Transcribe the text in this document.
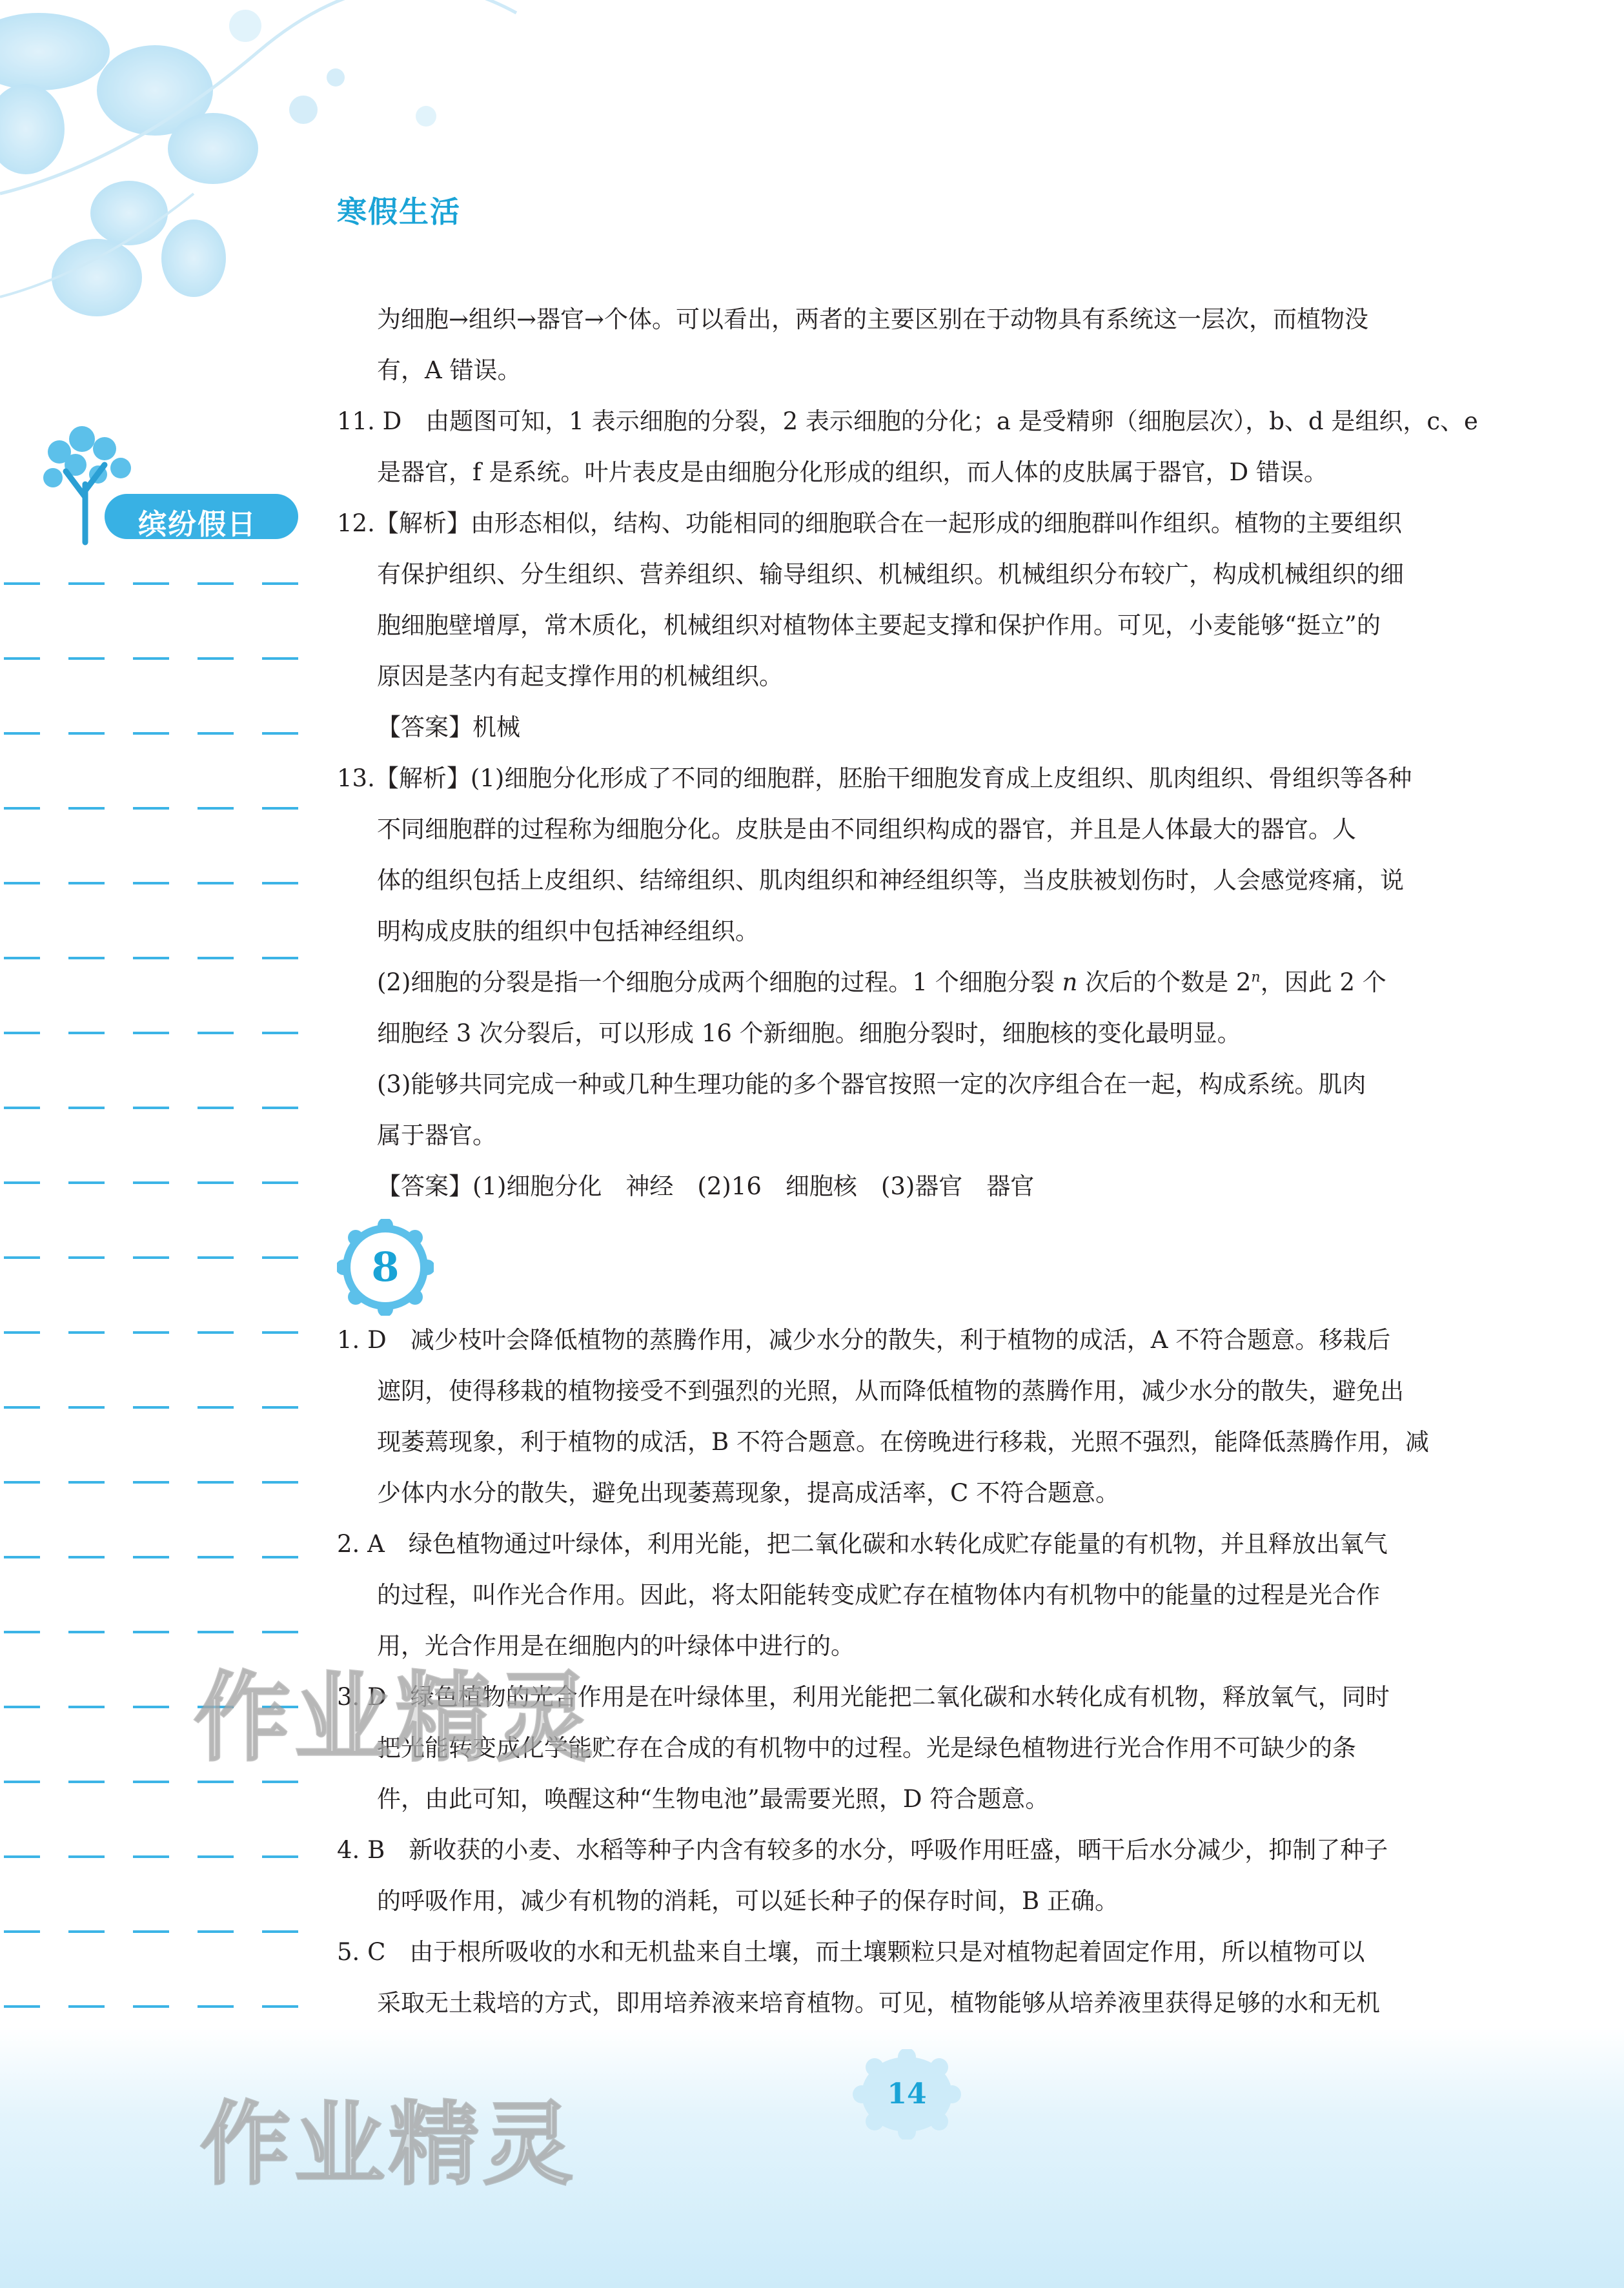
寒假生活
缤纷假日
为细胞→组织→器官→个体。可以看出，两者的主要区别在于动物具有系统这一层次，而植物没
有，A 错误。
11. D　由题图可知，1 表示细胞的分裂，2 表示细胞的分化；a 是受精卵（细胞层次），b、d 是组织，c、e
是器官，f 是系统。叶片表皮是由细胞分化形成的组织，而人体的皮肤属于器官，D 错误。
12.【解析】由形态相似，结构、功能相同的细胞联合在一起形成的细胞群叫作组织。植物的主要组织
有保护组织、分生组织、营养组织、输导组织、机械组织。机械组织分布较广，构成机械组织的细
胞细胞壁增厚，常木质化，机械组织对植物体主要起支撑和保护作用。可见，小麦能够“挺立”的
原因是茎内有起支撑作用的机械组织。
【答案】机械
13.【解析】(1)细胞分化形成了不同的细胞群，胚胎干细胞发育成上皮组织、肌肉组织、骨组织等各种
不同细胞群的过程称为细胞分化。皮肤是由不同组织构成的器官，并且是人体最大的器官。人
体的组织包括上皮组织、结缔组织、肌肉组织和神经组织等，当皮肤被划伤时，人会感觉疼痛，说
明构成皮肤的组织中包括神经组织。
(2)细胞的分裂是指一个细胞分成两个细胞的过程。1 个细胞分裂 n 次后的个数是 2$^n$，因此 2 个
细胞经 3 次分裂后，可以形成 16 个新细胞。细胞分裂时，细胞核的变化最明显。
(3)能够共同完成一种或几种生理功能的多个器官按照一定的次序组合在一起，构成系统。肌肉
属于器官。
【答案】(1)细胞分化　神经　(2)16　细胞核　(3)器官　器官
8
1. D　减少枝叶会降低植物的蒸腾作用，减少水分的散失，利于植物的成活，A 不符合题意。移栽后
遮阴，使得移栽的植物接受不到强烈的光照，从而降低植物的蒸腾作用，减少水分的散失，避免出
现萎蔫现象，利于植物的成活，B 不符合题意。在傍晚进行移栽，光照不强烈，能降低蒸腾作用，减
少体内水分的散失，避免出现萎蔫现象，提高成活率，C 不符合题意。
2. A　绿色植物通过叶绿体，利用光能，把二氧化碳和水转化成贮存能量的有机物，并且释放出氧气
的过程，叫作光合作用。因此，将太阳能转变成贮存在植物体内有机物中的能量的过程是光合作
用，光合作用是在细胞内的叶绿体中进行的。
3. D　绿色植物的光合作用是在叶绿体里，利用光能把二氧化碳和水转化成有机物，释放氧气，同时
把光能转变成化学能贮存在合成的有机物中的过程。光是绿色植物进行光合作用不可缺少的条
件，由此可知，唤醒这种“生物电池”最需要光照，D 符合题意。
4. B　新收获的小麦、水稻等种子内含有较多的水分，呼吸作用旺盛，晒干后水分减少，抑制了种子
的呼吸作用，减少有机物的消耗，可以延长种子的保存时间，B 正确。
5. C　由于根所吸收的水和无机盐来自土壤，而土壤颗粒只是对植物起着固定作用，所以植物可以
采取无土栽培的方式，即用培养液来培育植物。可见，植物能够从培养液里获得足够的水和无机
14
作业精灵
作业精灵
